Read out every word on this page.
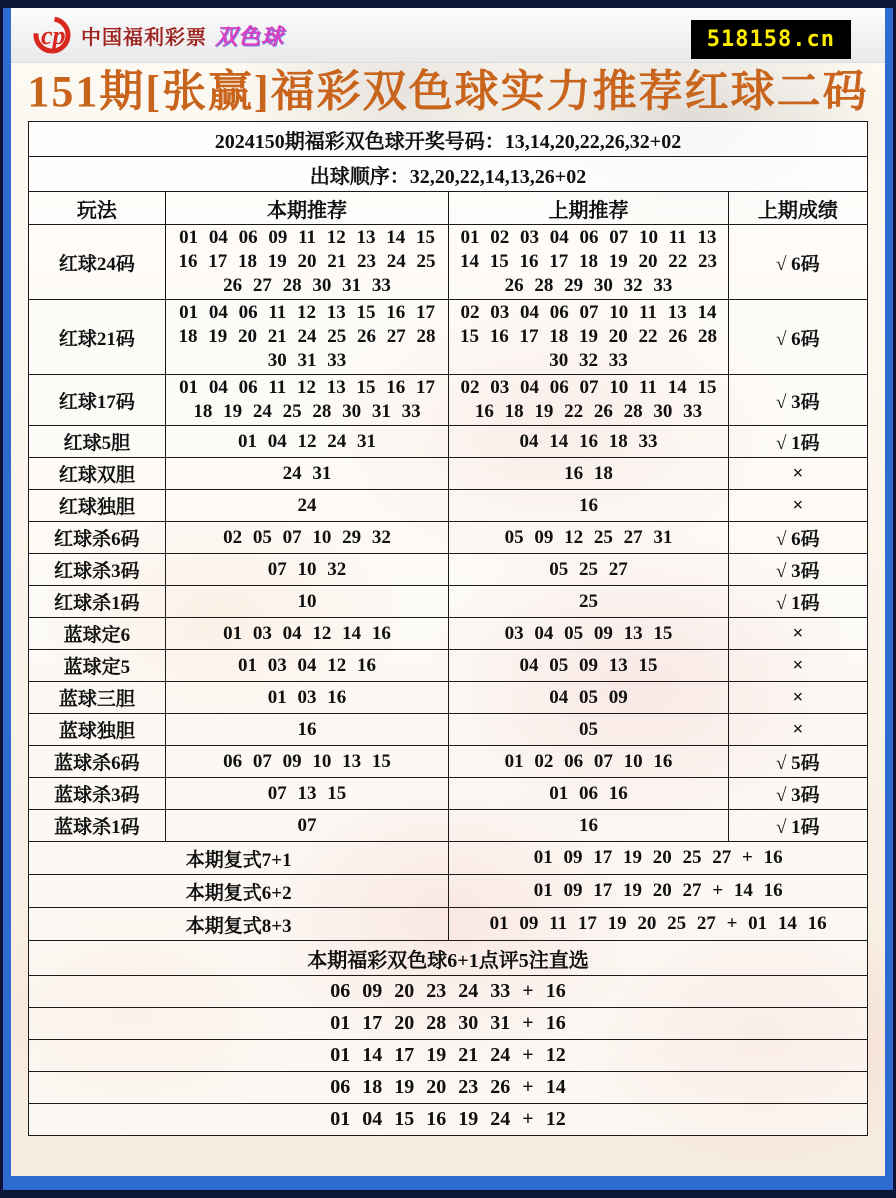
cp 中国福利彩票 双色球	518158.cn
151期[张赢]福彩双色球实力推荐红球二码
2024150期福彩双色球开奖号码：13,14,20,22,26,32+02			
出球顺序：32,20,22,14,13,26+02			
玩法	本期推荐	上期推荐	上期成绩
红球24码	01 04 06 09 11 12 13 14 15 16 17 18 19 20 21 23 24 25 26 27 28 30 31 33	01 02 03 04 06 07 10 11 13 14 15 16 17 18 19 20 22 23 26 28 29 30 32 33	√ 6码
红球21码	01 04 06 11 12 13 15 16 17 18 19 20 21 24 25 26 27 28 30 31 33	02 03 04 06 07 10 11 13 14 15 16 17 18 19 20 22 26 28 30 32 33	√ 6码
红球17码	01 04 06 11 12 13 15 16 17 18 19 24 25 28 30 31 33	02 03 04 06 07 10 11 14 15 16 18 19 22 26 28 30 33	√ 3码
红球5胆	01 04 12 24 31	04 14 16 18 33	√ 1码
红球双胆	24 31	16 18	×
红球独胆	24	16	×
红球杀6码	02 05 07 10 29 32	05 09 12 25 27 31	√ 6码
红球杀3码	07 10 32	05 25 27	√ 3码
红球杀1码	10	25	√ 1码
蓝球定6	01 03 04 12 14 16	03 04 05 09 13 15	×
蓝球定5	01 03 04 12 16	04 05 09 13 15	×
蓝球三胆	01 03 16	04 05 09	×
蓝球独胆	16	05	×
蓝球杀6码	06 07 09 10 13 15	01 02 06 07 10 16	√ 5码
蓝球杀3码	07 13 15	01 06 16	√ 3码
蓝球杀1码	07	16	√ 1码
本期复式7+1		01 09 17 19 20 25 27 + 16	
本期复式6+2		01 09 17 19 20 27 + 14 16	
本期复式8+3		01 09 11 17 19 20 25 27 + 01 14 16	
本期福彩双色球6+1点评5注直选			
06 09 20 23 24 33 + 16			
01 17 20 28 30 31 + 16			
01 14 17 19 21 24 + 12			
06 18 19 20 23 26 + 14			
01 04 15 16 19 24 + 12			
